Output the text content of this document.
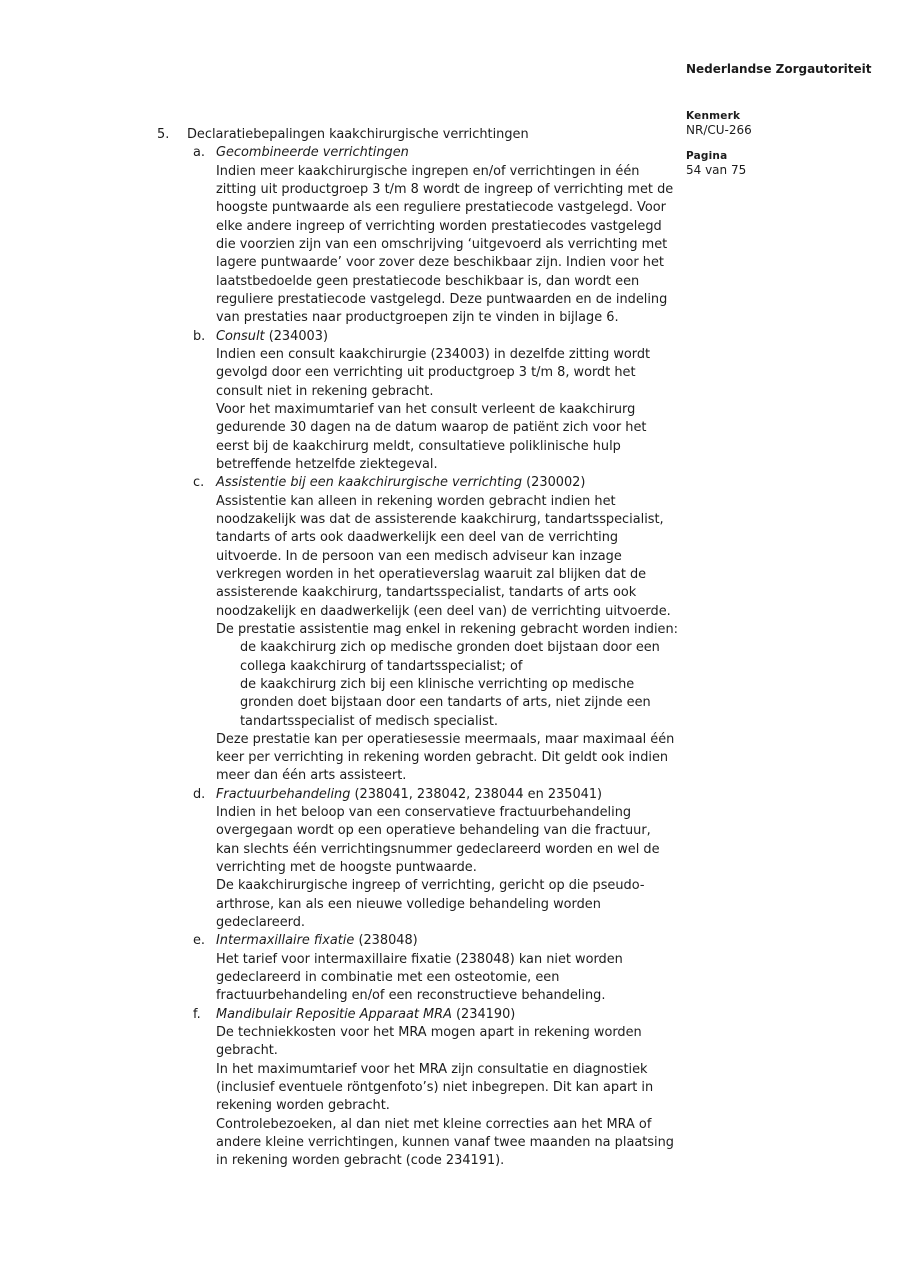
Nederlandse Zorgautoriteit
Kenmerk
NR/CU-266
Pagina
54 van 75
5.	Declaratiebepalingen kaakchirurgische verrichtingen
a. Gecombineerde verrichtingen

Indien meer kaakchirurgische ingrepen en/of verrichtingen in één zitting uit productgroep 3 t/m 8 wordt de ingreep of verrichting met de hoogste puntwaarde als een reguliere prestatiecode vastgelegd. Voor elke andere ingreep of verrichting worden prestatiecodes vastgelegd die voorzien zijn van een omschrijving ‘uitgevoerd als verrichting met lagere puntwaarde’ voor zover deze beschikbaar zijn. Indien voor het laatstbedoelde geen prestatiecode beschikbaar is, dan wordt een reguliere prestatiecode vastgelegd. Deze puntwaarden en de indeling van prestaties naar productgroepen zijn te vinden in bijlage 6.

b. Consult (234003)

Indien een consult kaakchirurgie (234003) in dezelfde zitting wordt gevolgd door een verrichting uit productgroep 3 t/m 8, wordt het consult niet in rekening gebracht.

Voor het maximumtarief van het consult verleent de kaakchirurg gedurende 30 dagen na de datum waarop de patiënt zich voor het eerst bij de kaakchirurg meldt, consultatieve poliklinische hulp betreffende hetzelfde ziektegeval.

c. Assistentie bij een kaakchirurgische verrichting (230002)

Assistentie kan alleen in rekening worden gebracht indien het noodzakelijk was dat de assisterende kaakchirurg, tandartsspecialist, tandarts of arts ook daadwerkelijk een deel van de verrichting uitvoerde. In de persoon van een medisch adviseur kan inzage verkregen worden in het operatieverslag waaruit zal blijken dat de assisterende kaakchirurg, tandartsspecialist, tandarts of arts ook noodzakelijk en daadwerkelijk (een deel van) de verrichting uitvoerde. De prestatie assistentie mag enkel in rekening gebracht worden indien:

de kaakchirurg zich op medische gronden doet bijstaan door een collega kaakchirurg of tandartsspecialist; of

de kaakchirurg zich bij een klinische verrichting op medische gronden doet bijstaan door een tandarts of arts, niet zijnde een tandartsspecialist of medisch specialist.

Deze prestatie kan per operatiesessie meermaals, maar maximaal één keer per verrichting in rekening worden gebracht. Dit geldt ook indien meer dan één arts assisteert.

d. Fractuurbehandeling (238041, 238042, 238044 en 235041)

Indien in het beloop van een conservatieve fractuurbehandeling overgegaan wordt op een operatieve behandeling van die fractuur, kan slechts één verrichtingsnummer gedeclareerd worden en wel de verrichting met de hoogste puntwaarde.

De kaakchirurgische ingreep of verrichting, gericht op die pseudo-arthrose, kan als een nieuwe volledige behandeling worden gedeclareerd.

e. Intermaxillaire fixatie (238048)

Het tarief voor intermaxillaire fixatie (238048) kan niet worden gedeclareerd in combinatie met een osteotomie, een fractuurbehandeling en/of een reconstructieve behandeling.

f.	Mandibulair Repositie Apparaat MRA (234190)

De techniekkosten voor het MRA mogen apart in rekening worden gebracht.

In het maximumtarief voor het MRA zijn consultatie en diagnostiek (inclusief eventuele röntgenfoto’s) niet inbegrepen. Dit kan apart in rekening worden gebracht.

Controlebezoeken, al dan niet met kleine correcties aan het MRA of andere kleine verrichtingen, kunnen vanaf twee maanden na plaatsing in rekening worden gebracht (code 234191).
